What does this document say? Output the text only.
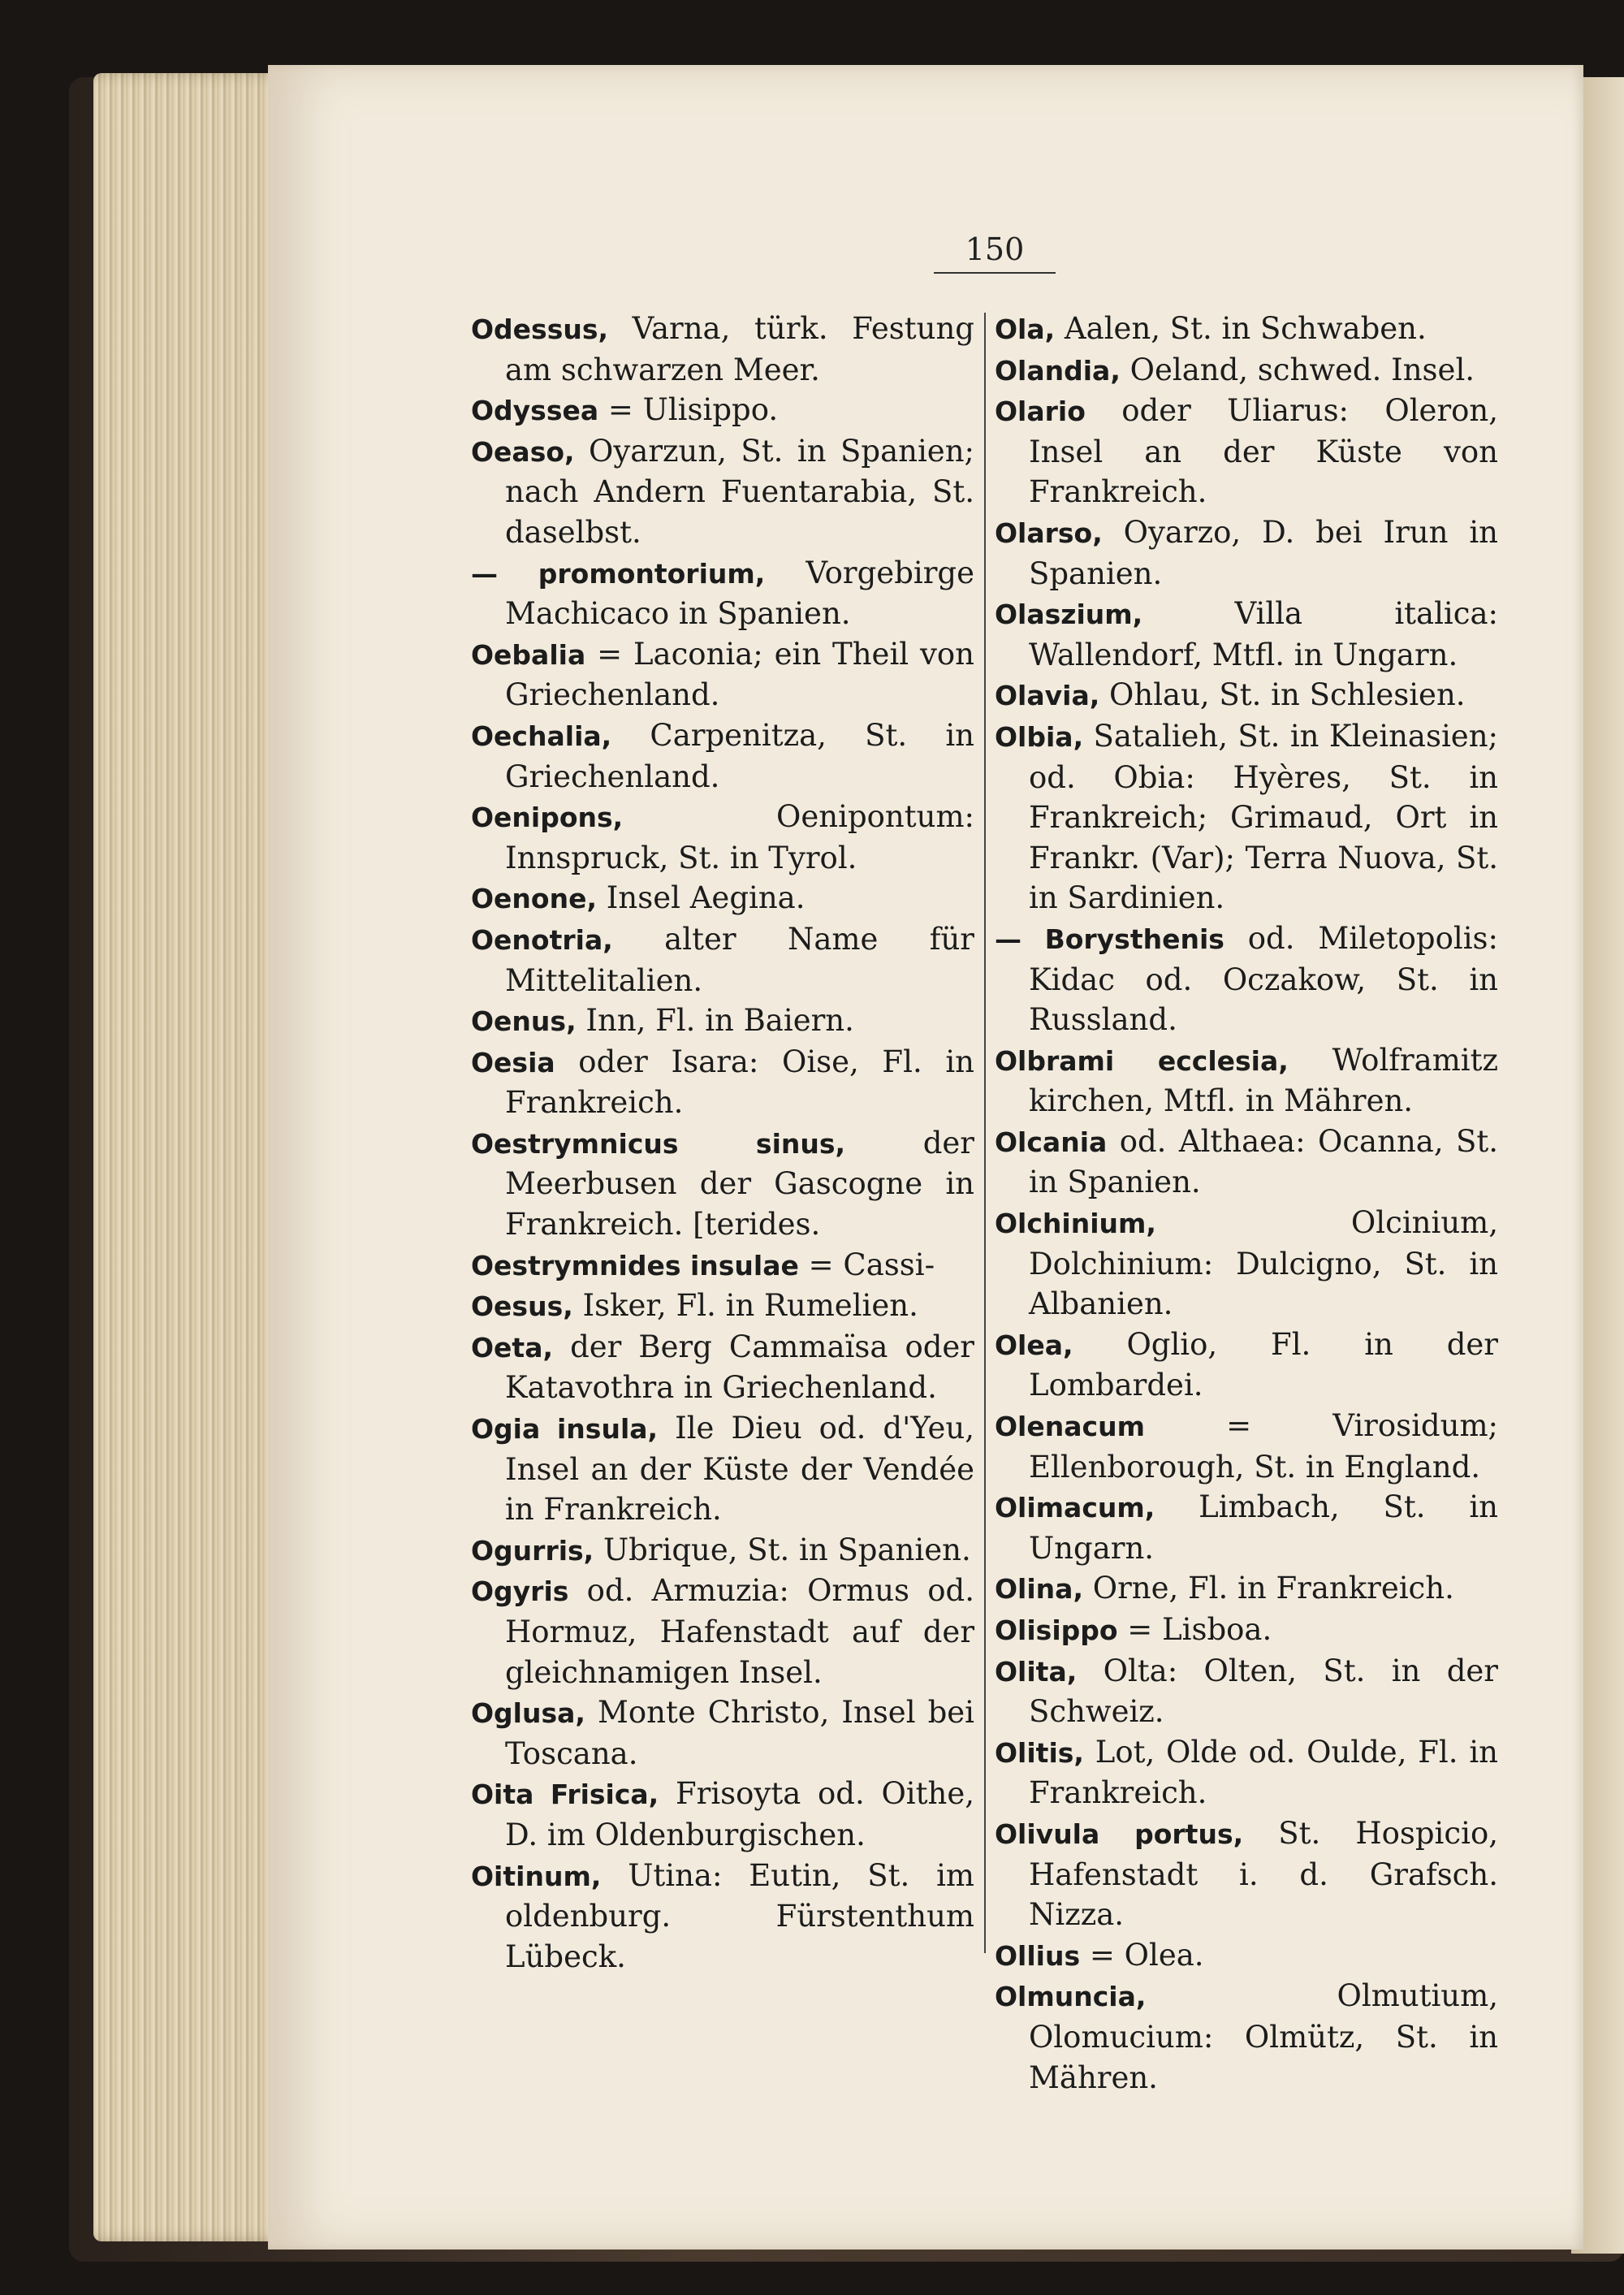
150
Odessus, Varna, türk. Festung am schwarzen Meer.
Odyssea = Ulisippo.
Oeaso, Oyarzun, St. in Spanien; nach Andern Fuentarabia, St. daselbst.
— promontorium, Vorgebirge Machicaco in Spanien.
Oebalia = Laconia; ein Theil von Griechenland.
Oechalia, Carpenitza, St. in Griechenland.
Oenipons, Oenipontum: Innspruck, St. in Tyrol.
Oenone, Insel Aegina.
Oenotria, alter Name für Mittelitalien.
Oenus, Inn, Fl. in Baiern.
Oesia oder Isara: Oise, Fl. in Frankreich.
Oestrymnicus sinus, der Meerbusen der Gascogne in Frankreich. [terides.
Oestrymnides insulae = Cassi-
Oesus, Isker, Fl. in Rumelien.
Oeta, der Berg Cammaïsa oder Katavothra in Griechenland.
Ogia insula, Ile Dieu od. d'Yeu, Insel an der Küste der Vendée in Frankreich.
Ogurris, Ubrique, St. in Spanien.
Ogyris od. Armuzia: Ormus od. Hormuz, Hafenstadt auf der gleichnamigen Insel.
Oglusa, Monte Christo, Insel bei Toscana.
Oita Frisica, Frisoyta od. Oithe, D. im Oldenburgischen.
Oitinum, Utina: Eutin, St. im oldenburg. Fürstenthum Lübeck.
Ola, Aalen, St. in Schwaben.
Olandia, Oeland, schwed. Insel.
Olario oder Uliarus: Oleron, Insel an der Küste von Frankreich.
Olarso, Oyarzo, D. bei Irun in Spanien.
Olaszium, Villa italica: Wallendorf, Mtfl. in Ungarn.
Olavia, Ohlau, St. in Schlesien.
Olbia, Satalieh, St. in Kleinasien; od. Obia: Hyères, St. in Frankreich; Grimaud, Ort in Frankr. (Var); Terra Nuova, St. in Sardinien.
— Borysthenis od. Miletopolis: Kidac od. Oczakow, St. in Russland.
Olbrami ecclesia, Wolframitz kirchen, Mtfl. in Mähren.
Olcania od. Althaea: Ocanna, St. in Spanien.
Olchinium, Olcinium, Dolchinium: Dulcigno, St. in Albanien.
Olea, Oglio, Fl. in der Lombardei.
Olenacum = Virosidum; Ellenborough, St. in England.
Olimacum, Limbach, St. in Ungarn.
Olina, Orne, Fl. in Frankreich.
Olisippo = Lisboa.
Olita, Olta: Olten, St. in der Schweiz.
Olitis, Lot, Olde od. Oulde, Fl. in Frankreich.
Olivula portus, St. Hospicio, Hafenstadt i. d. Grafsch. Nizza.
Ollius = Olea.
Olmuncia, Olmutium, Olomucium: Olmütz, St. in Mähren.
